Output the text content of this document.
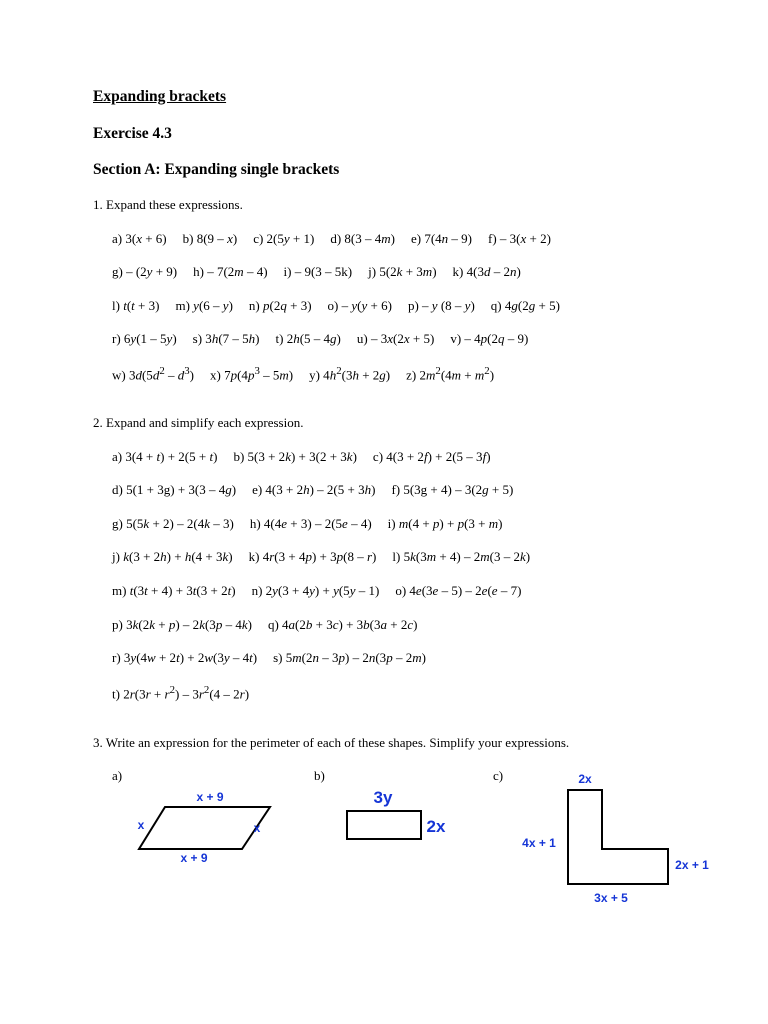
Expanding brackets
Exercise 4.3
Section A: Expanding single brackets
1. Expand these expressions.
a) 3(x + 6) b) 8(9 – x) c) 2(5y + 1) d) 8(3 – 4m) e) 7(4n – 9) f) – 3(x + 2)
g) – (2y + 9) h) – 7(2m – 4) i) – 9(3 – 5k) j) 5(2k + 3m) k) 4(3d – 2n)
l) t(t + 3) m) y(6 – y) n) p(2q + 3) o) – y(y + 6) p) – y (8 – y) q) 4g(2g + 5)
r) 6y(1 – 5y) s) 3h(7 – 5h) t) 2h(5 – 4g) u) – 3x(2x + 5) v) – 4p(2q – 9)
w) $3d(5d^2 - d^3)$ x) $7p(4p^3 - 5m)$ y) $4h^2(3h + 2g)$ z) $2m^2(4m + m^2)$
2. Expand and simplify each expression.
a) 3(4 + t) + 2(5 + t) b) 5(3 + 2k) + 3(2 + 3k) c) 4(3 + 2f) + 2(5 – 3f)
d) 5(1 + 3g) + 3(3 – 4g) e) 4(3 + 2h) – 2(5 + 3h) f) 5(3g + 4) – 3(2g + 5)
g) 5(5k + 2) – 2(4k – 3) h) 4(4e + 3) – 2(5e – 4) i) m(4 + p) + p(3 + m)
j) k(3 + 2h) + h(4 + 3k) k) 4r(3 + 4p) + 3p(8 – r) l) 5k(3m + 4) – 2m(3 – 2k)
m) t(3t + 4) + 3t(3 + 2t) n) 2y(3 + 4y) + y(5y – 1) o) 4e(3e – 5) – 2e(e – 7)
p) 3k(2k + p) – 2k(3p – 4k) q) 4a(2b + 3c) + 3b(3a + 2c)
r) 3y(4w + 2t) + 2w(3y – 4t) s) 5m(2n – 3p) – 2n(3p – 2m)
t) $2r(3r + r^2) - 3r^2(4 - 2r)$
3. Write an expression for the perimeter of each of these shapes. Simplify your expressions.
a)	b)	c)
x + 9
x + 9
x	x
3y
2x
2x
4x + 1
2x + 1
3x + 5
